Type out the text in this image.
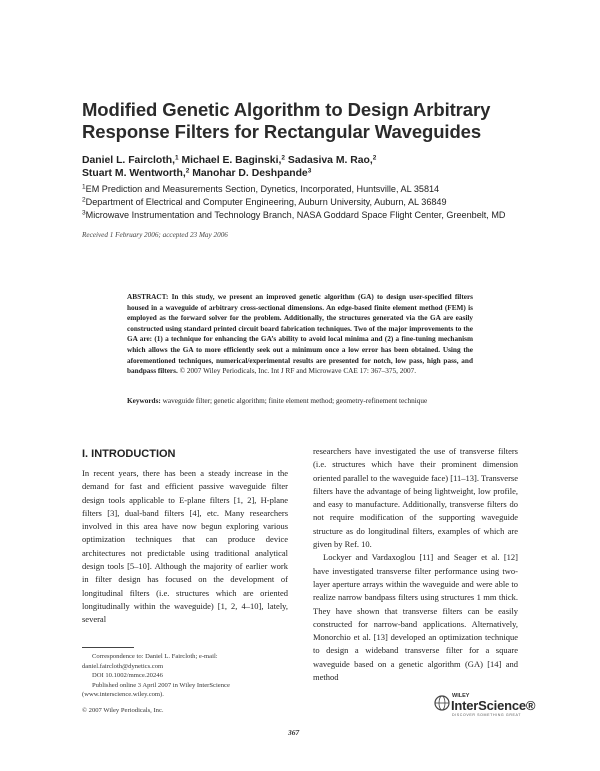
Modified Genetic Algorithm to Design Arbitrary Response Filters for Rectangular Waveguides
Daniel L. Faircloth,$^1$ Michael E. Baginski,$^2$ Sadasiva M. Rao,$^2$
Stuart M. Wentworth,$^2$ Manohar D. Deshpande$^3$
$^1$EM Prediction and Measurements Section, Dynetics, Incorporated, Huntsville, AL 35814
$^2$Department of Electrical and Computer Engineering, Auburn University, Auburn, AL 36849
$^3$Microwave Instrumentation and Technology Branch, NASA Goddard Space Flight Center, Greenbelt, MD
Received 1 February 2006; accepted 23 May 2006
ABSTRACT: In this study, we present an improved genetic algorithm (GA) to design user-specified filters housed in a waveguide of arbitrary cross-sectional dimensions. An edge-based finite element method (FEM) is employed as the forward solver for the problem. Additionally, the structures generated via the GA are easily constructed using standard printed circuit board fabrication techniques. Two of the major improvements to the GA are: (1) a technique for enhancing the GA’s ability to avoid local minima and (2) a fine-tuning mechanism which allows the GA to more efficiently seek out a minimum once a low error has been obtained. Using the aforementioned techniques, numerical/experimental results are presented for notch, low pass, high pass, and bandpass filters. © 2007 Wiley Periodicals, Inc. Int J RF and Microwave CAE 17: 367–375, 2007.
Keywords: waveguide filter; genetic algorithm; finite element method; geometry-refinement technique
I. INTRODUCTION

In recent years, there has been a steady increase in the demand for fast and efficient passive waveguide filter design tools applicable to E-plane filters [1, 2], H-plane filters [3], dual-band filters [4], etc. Many researchers involved in this area have now begun exploring various optimization techniques that can produce device architectures not predictable using traditional analytical design tools [5–10]. Although the majority of earlier work in filter design has focused on the development of longitudinal filters (i.e. structures which are oriented longitudinally within the waveguide) [1, 2, 4–10], lately, several

researchers have investigated the use of transverse filters (i.e. structures which have their prominent dimension oriented parallel to the waveguide face) [11–13]. Transverse filters have the advantage of being lightweight, low profile, and easy to manufacture. Additionally, transverse filters do not require modification of the supporting waveguide structure as do longitudinal filters, examples of which are given by Ref. 10.

Lockyer and Vardaxoglou [11] and Seager et al. [12] have investigated transverse filter performance using two-layer aperture arrays within the waveguide and were able to realize narrow bandpass filters using structures 1 mm thick. They have shown that transverse filters can be easily constructed for narrow-band applications. Alternatively, Monorchio et al. [13] developed an optimization technique to design a wideband transverse filter for a square waveguide based on a genetic algorithm (GA) [14] and method

Correspondence to: Daniel L. Faircloth; e-mail: daniel.faircloth@dynetics.com

DOI 10.1002/mmce.20246

Published online 3 April 2007 in Wiley InterScience (www.interscience.wiley.com).

© 2007 Wiley Periodicals, Inc.
367
WILEY
InterScience®
DISCOVER SOMETHING GREAT
